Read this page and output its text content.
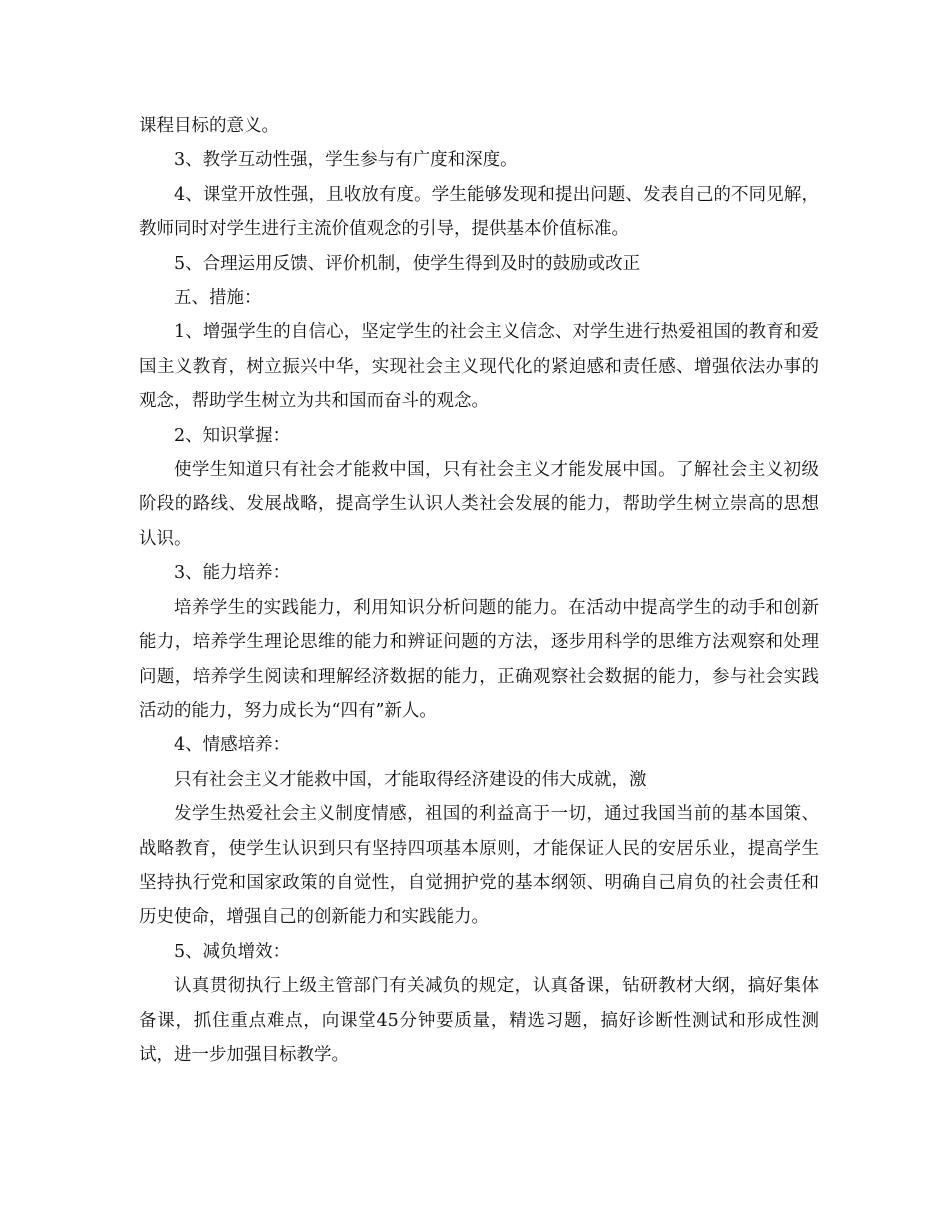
课程目标的意义。

3、教学互动性强，学生参与有广度和深度。

4、课堂开放性强，且收放有度。学生能够发现和提出问题、发表自己的不同见解，教师同时对学生进行主流价值观念的引导，提供基本价值标准。

5、合理运用反馈、评价机制，使学生得到及时的鼓励或改正

五、措施：

1、增强学生的自信心，坚定学生的社会主义信念、对学生进行热爱祖国的教育和爱国主义教育，树立振兴中华，实现社会主义现代化的紧迫感和责任感、增强依法办事的观念，帮助学生树立为共和国而奋斗的观念。

2、知识掌握：

使学生知道只有社会才能救中国，只有社会主义才能发展中国。了解社会主义初级阶段的路线、发展战略，提高学生认识人类社会发展的能力，帮助学生树立崇高的思想认识。

3、能力培养：

培养学生的实践能力，利用知识分析问题的能力。在活动中提高学生的动手和创新能力，培养学生理论思维的能力和辨证问题的方法，逐步用科学的思维方法观察和处理问题，培养学生阅读和理解经济数据的能力，正确观察社会数据的能力，参与社会实践活动的能力，努力成长为“四有”新人。

4、情感培养：

只有社会主义才能救中国，才能取得经济建设的伟大成就，激

发学生热爱社会主义制度情感，祖国的利益高于一切，通过我国当前的基本国策、战略教育，使学生认识到只有坚持四项基本原则，才能保证人民的安居乐业，提高学生坚持执行党和国家政策的自觉性，自觉拥护党的基本纲领、明确自己肩负的社会责任和历史使命，增强自己的创新能力和实践能力。

5、减负增效：

认真贯彻执行上级主管部门有关减负的规定，认真备课，钻研教材大纲，搞好集体备课，抓住重点难点，向课堂45分钟要质量，精选习题，搞好诊断性测试和形成性测试，进一步加强目标教学。
